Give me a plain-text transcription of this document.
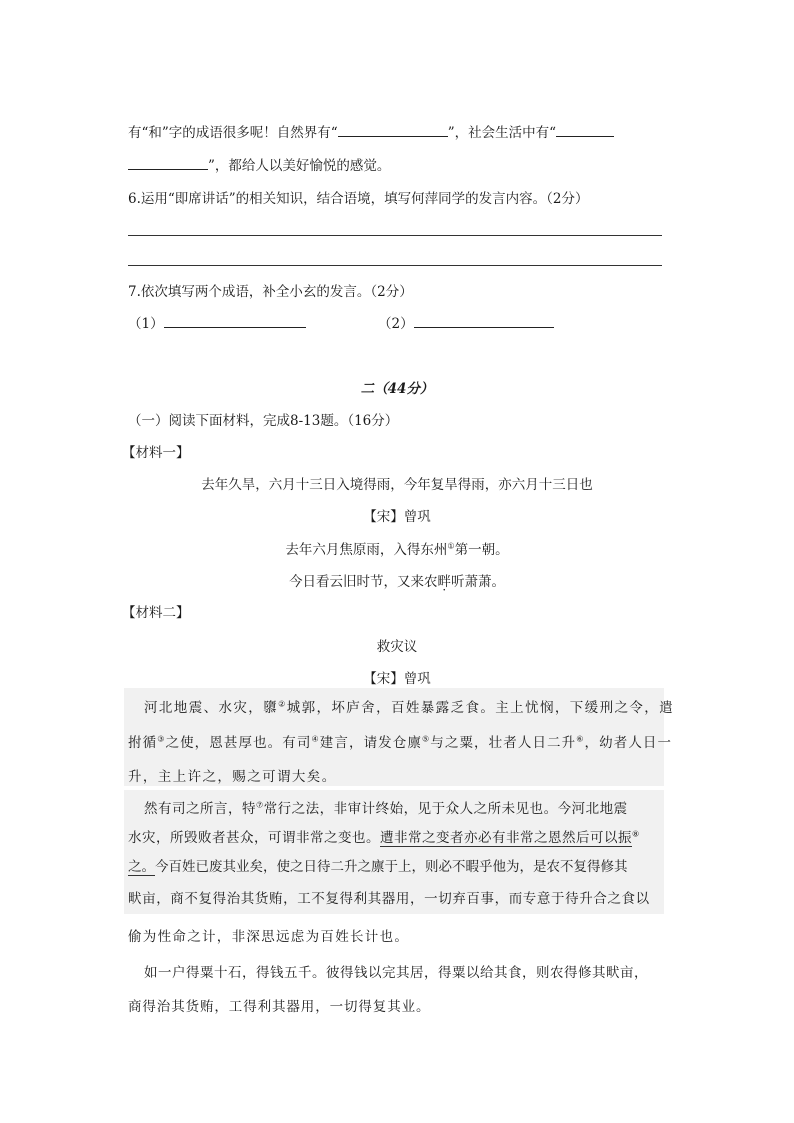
有“和”字的成语很多呢！自然界有“	”，社会生活中有“
”，都给人以美好愉悦的感觉。
6.运用“即席讲话”的相关知识，结合语境，填写何萍同学的发言内容。（2分）
7.依次填写两个成语，补全小玄的发言。（2分）
（1）	（2）
二（44分）
（一）阅读下面材料，完成8-13题。（16分）
【材料一】
去年久旱，六月十三日入境得雨，今年复旱得雨，亦六月十三日也
【宋】曾巩
去年六月焦原雨，入得东州①第一朝。
今日看云旧时节，又来农畔听萧萧。
【材料二】
救灾议
【宋】曾巩
河北地震、水灾，隳②城郭，坏庐舍，百姓暴露乏食。主上忧悯，下缓刑之令，遣
拊循③之使，恩甚厚也。有司④建言，请发仓廪⑤与之粟，壮者人日二升⑥，幼者人日一
升，主上许之，赐之可谓大矣。
然有司之所言，特⑦常行之法，非审计终始，见于众人之所未见也。今河北地震
水灾，所毁败者甚众，可谓非常之变也。遭非常之变者亦必有非常之恩然后可以振⑧
之。今百姓已废其业矣，使之日待二升之廪于上，则必不暇乎他为，是农不复得修其
畎亩，商不复得治其货贿，工不复得利其器用，一切弃百事，而专意于待升合之食以
偷为性命之计，非深思远虑为百姓长计也。
如一户得粟十石，得钱五千。彼得钱以完其居，得粟以给其食，则农得修其畎亩，
商得治其货贿，工得利其器用，一切得复其业。
